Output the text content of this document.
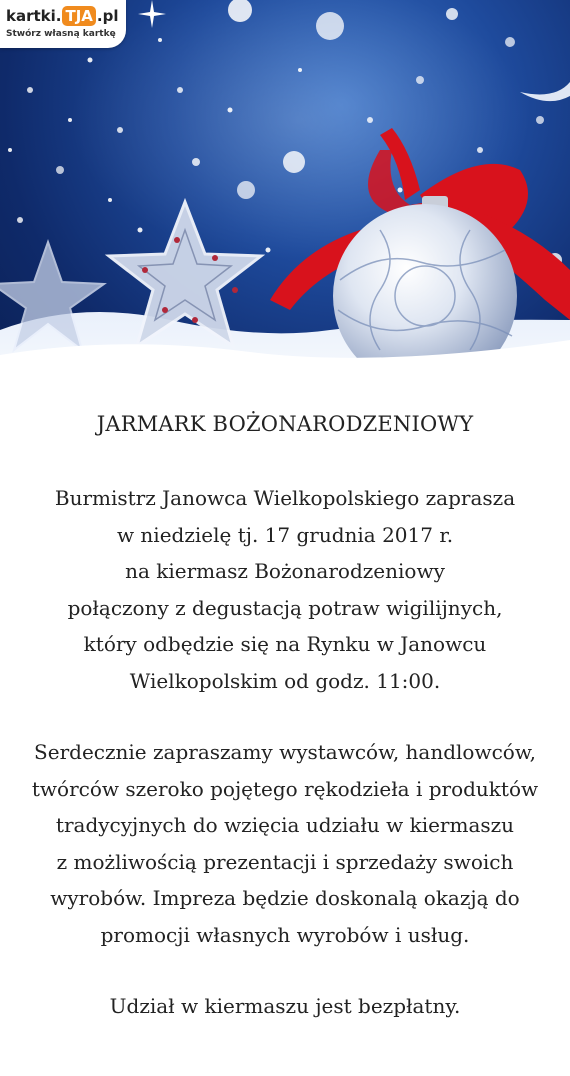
kartki. TJA .pl
Stwórz własną kartkę
JARMARK BOŻONARODZENIOWY
Burmistrz Janowca Wielkopolskiego zaprasza
w niedzielę tj. 17 grudnia 2017 r.
na kiermasz Bożonarodzeniowy
połączony z degustacją potraw wigilijnych,
który odbędzie się na Rynku w Janowcu
Wielkopolskim od godz. 11:00.
Serdecznie zapraszamy wystawców, handlowców,
twórców szeroko pojętego rękodzieła i produktów
tradycyjnych do wzięcia udziału w kiermaszu
z możliwością prezentacji i sprzedaży swoich
wyrobów. Impreza będzie doskonalą okazją do
promocji własnych wyrobów i usług.
Udział w kiermaszu jest bezpłatny.
